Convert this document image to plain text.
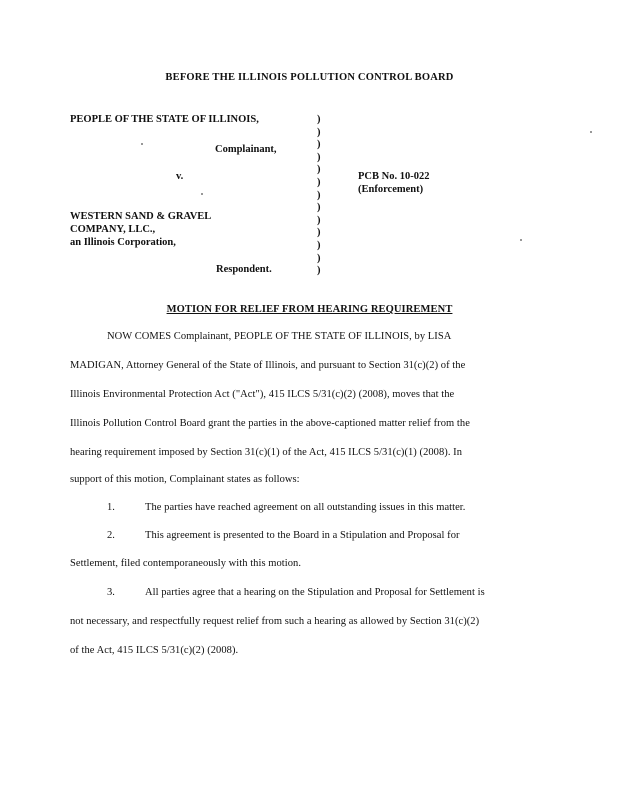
BEFORE THE ILLINOIS POLLUTION CONTROL BOARD
PEOPLE OF THE STATE OF ILLINOIS,
Complainant,
v.
WESTERN SAND & GRAVEL
COMPANY, LLC.,
an Illinois Corporation,
Respondent.
)
)
)
)
)
)
)
)
)
)
)
)
)
PCB No. 10-022
(Enforcement)
MOTION FOR RELIEF FROM HEARING REQUIREMENT
NOW COMES Complainant, PEOPLE OF THE STATE OF ILLINOIS, by LISA
MADIGAN, Attorney General of the State of Illinois, and pursuant to Section 31(c)(2) of the
Illinois Environmental Protection Act ("Act"), 415 ILCS 5/31(c)(2) (2008), moves that the
Illinois Pollution Control Board grant the parties in the above-captioned matter relief from the
hearing requirement imposed by Section 31(c)(1) of the Act, 415 ILCS 5/31(c)(1) (2008). In
support of this motion, Complainant states as follows:
1.	The parties have reached agreement on all outstanding issues in this matter.
2.	This agreement is presented to the Board in a Stipulation and Proposal for
Settlement, filed contemporaneously with this motion.
3.	All parties agree that a hearing on the Stipulation and Proposal for Settlement is
not necessary, and respectfully request relief from such a hearing as allowed by Section 31(c)(2)
of the Act, 415 ILCS 5/31(c)(2) (2008).
